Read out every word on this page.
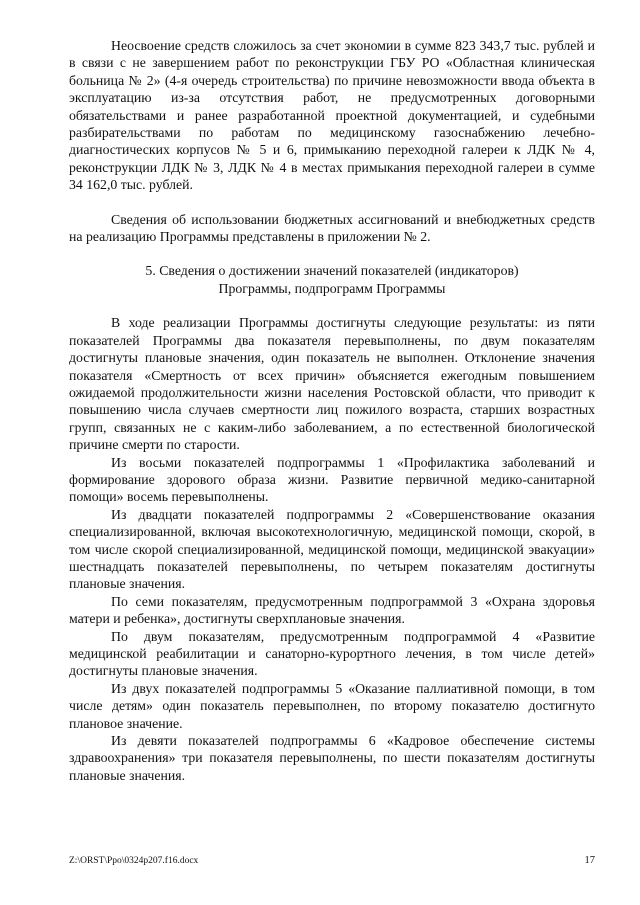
Неосвоение средств сложилось за счет экономии в сумме 823 343,7 тыс. рублей и в связи с не завершением работ по реконструкции ГБУ РО «Областная клиническая больница № 2» (4-я очередь строительства) по причине невозможности ввода объекта в эксплуатацию из-за отсутствия работ, не предусмотренных договорными обязательствами и ранее разработанной проектной документацией, и судебными разбирательствами по работам по медицинскому газоснабжению лечебно-диагностических корпусов № 5 и 6, примыканию переходной галереи к ЛДК № 4, реконструкции ЛДК № 3, ЛДК № 4 в местах примыкания переходной галереи в сумме 34 162,0 тыс. рублей.

Сведения об использовании бюджетных ассигнований и внебюджетных средств на реализацию Программы представлены в приложении № 2.

5. Сведения о достижении значений показателей (индикаторов)
Программы, подпрограмм Программы

В ходе реализации Программы достигнуты следующие результаты: из пяти показателей Программы два показателя перевыполнены, по двум показателям достигнуты плановые значения, один показатель не выполнен. Отклонение значения показателя «Смертность от всех причин» объясняется ежегодным повышением ожидаемой продолжительности жизни населения Ростовской области, что приводит к повышению числа случаев смертности лиц пожилого возраста, старших возрастных групп, связанных не с каким-либо заболеванием, а по естественной биологической причине смерти по старости.

Из восьми показателей подпрограммы 1 «Профилактика заболеваний и формирование здорового образа жизни. Развитие первичной медико-санитарной помощи» восемь перевыполнены.

Из двадцати показателей подпрограммы 2 «Совершенствование оказания специализированной, включая высокотехнологичную, медицинской помощи, скорой, в том числе скорой специализированной, медицинской помощи, медицинской эвакуации» шестнадцать показателей перевыполнены, по четырем показателям достигнуты плановые значения.

По семи показателям, предусмотренным подпрограммой 3 «Охрана здоровья матери и ребенка», достигнуты сверхплановые значения.

По двум показателям, предусмотренным подпрограммой 4 «Развитие медицинской реабилитации и санаторно-курортного лечения, в том числе детей» достигнуты плановые значения.

Из двух показателей подпрограммы 5 «Оказание паллиативной помощи, в том числе детям» один показатель перевыполнен, по второму показателю достигнуто плановое значение.

Из девяти показателей подпрограммы 6 «Кадровое обеспечение системы здравоохранения» три показателя перевыполнены, по шести показателям достигнуты плановые значения.

Z:\ORST\Ppo\0324p207.f16.docx	17
